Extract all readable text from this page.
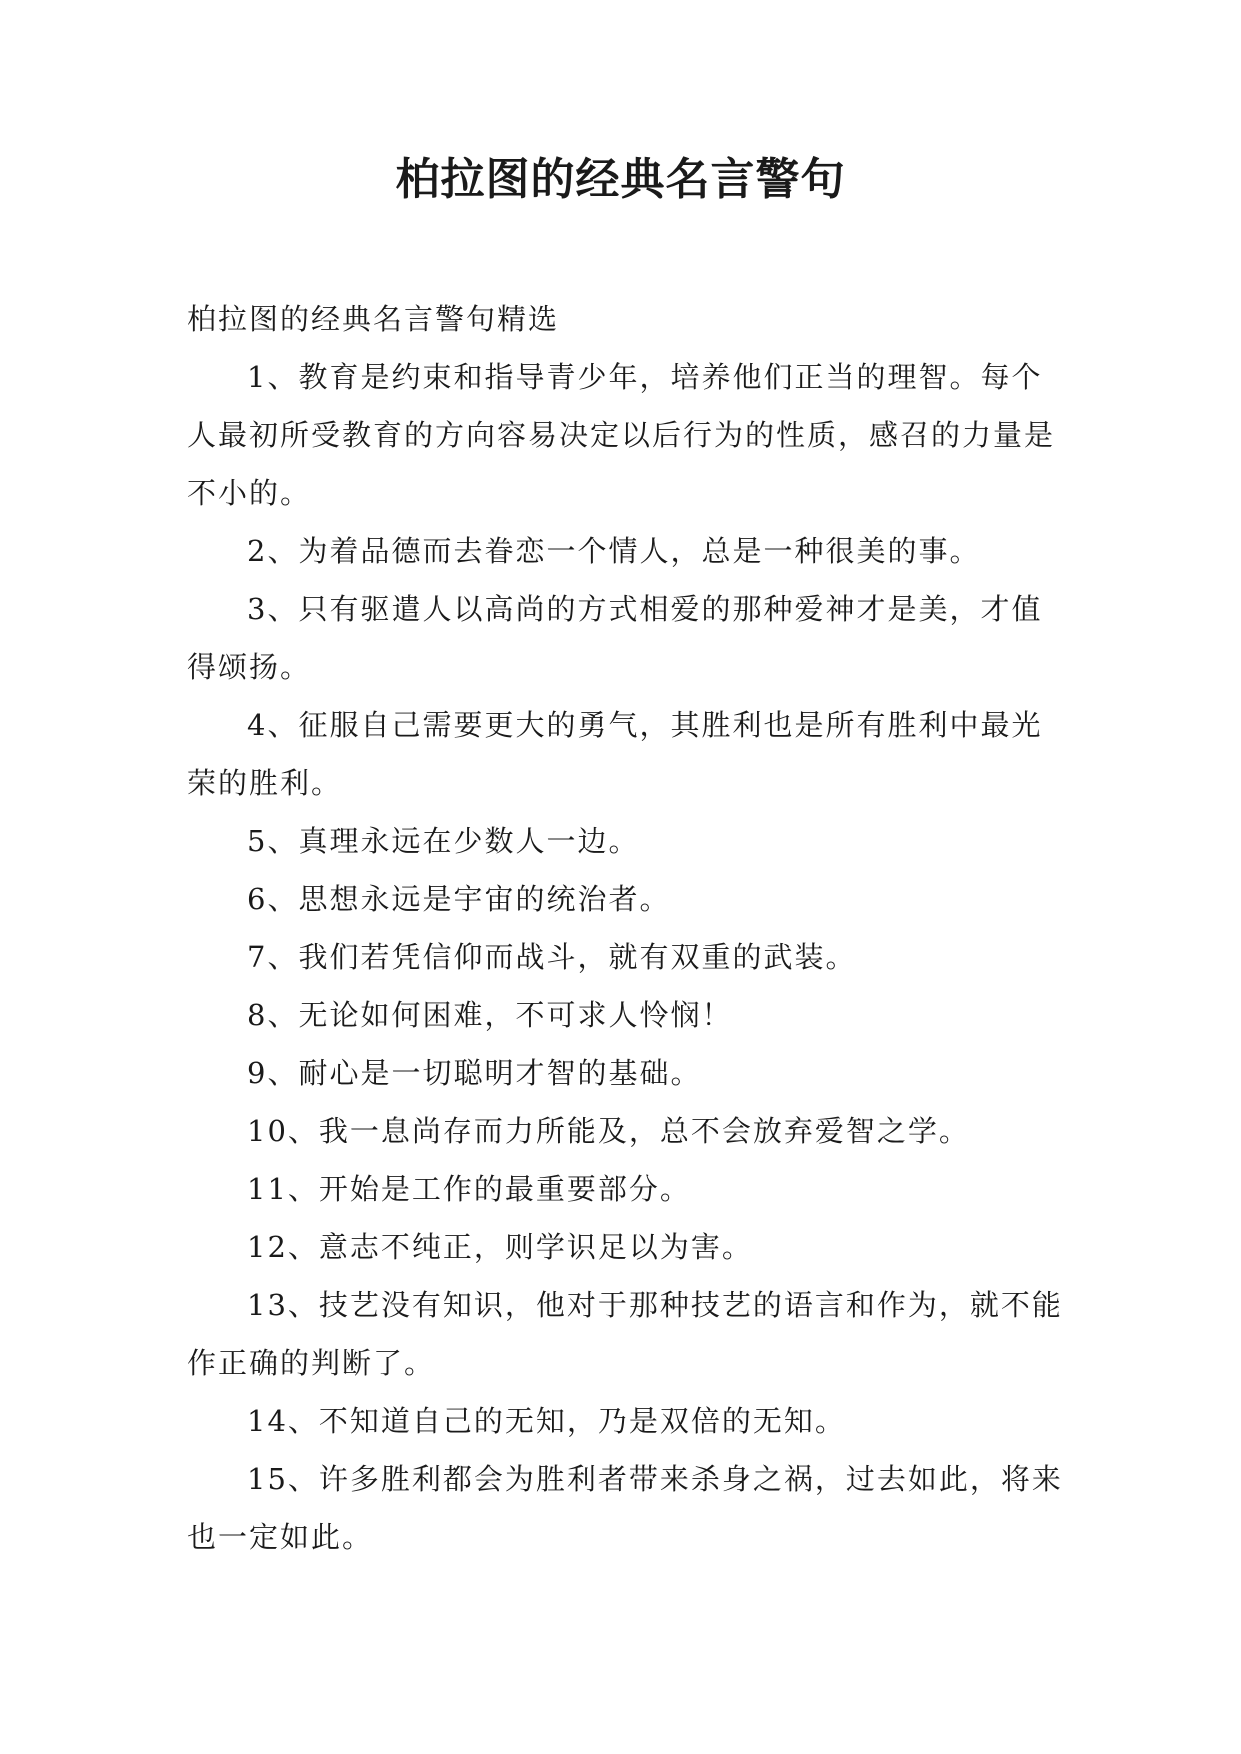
柏拉图的经典名言警句

柏拉图的经典名言警句精选

1、教育是约束和指导青少年，培养他们正当的理智。每个人最初所受教育的方向容易决定以后行为的性质，感召的力量是不小的。

2、为着品德而去眷恋一个情人，总是一种很美的事。

3、只有驱遣人以高尚的方式相爱的那种爱神才是美，才值得颂扬。

4、征服自己需要更大的勇气，其胜利也是所有胜利中最光荣的胜利。

5、真理永远在少数人一边。

6、思想永远是宇宙的统治者。

7、我们若凭信仰而战斗，就有双重的武装。

8、无论如何困难，不可求人怜悯！

9、耐心是一切聪明才智的基础。

10、我一息尚存而力所能及，总不会放弃爱智之学。

11、开始是工作的最重要部分。

12、意志不纯正，则学识足以为害。

13、技艺没有知识，他对于那种技艺的语言和作为，就不能作正确的判断了。

14、不知道自己的无知，乃是双倍的无知。

15、许多胜利都会为胜利者带来杀身之祸，过去如此，将来也一定如此。
